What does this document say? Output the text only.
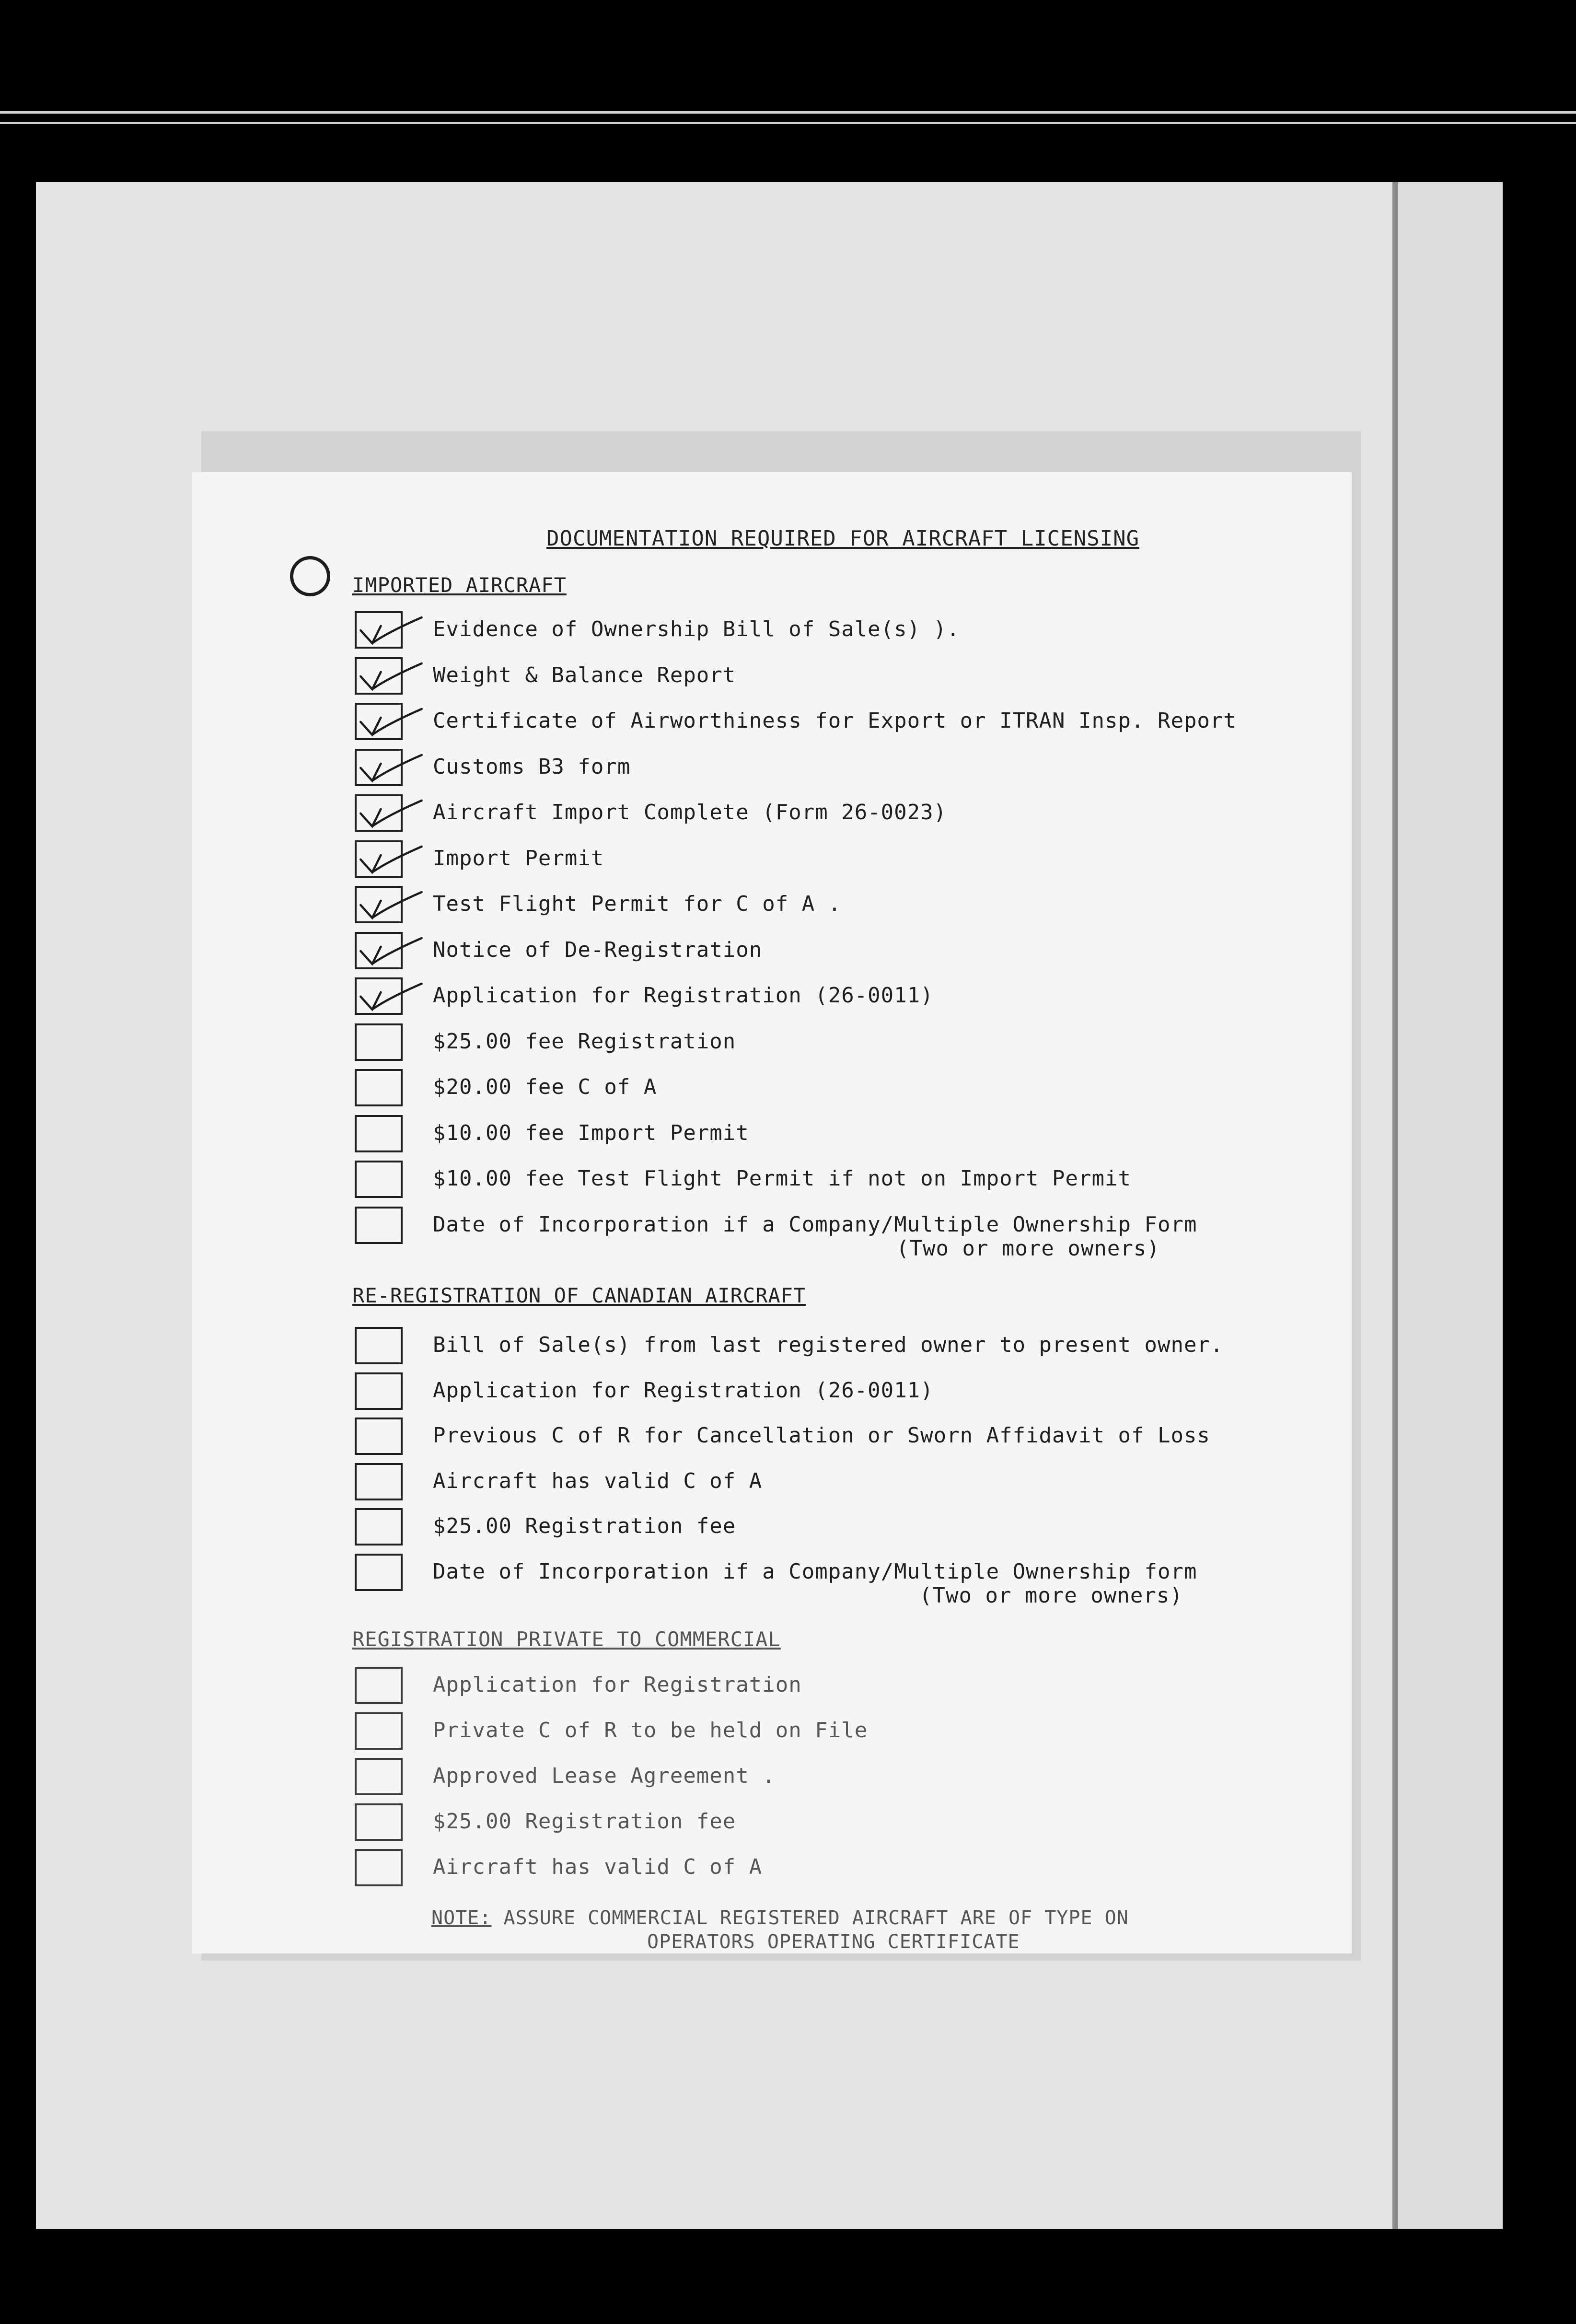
DOCUMENTATION REQUIRED FOR AIRCRAFT LICENSING
IMPORTED AIRCRAFT
Evidence of Ownership Bill of Sale(s) ).
Weight & Balance Report
Certificate of Airworthiness for Export or ITRAN Insp. Report
Customs B3 form
Aircraft Import Complete (Form 26-0023)
Import Permit
Test Flight Permit for C of A .
Notice of De-Registration
Application for Registration (26-0011)
$25.00 fee Registration
$20.00 fee C of A
$10.00 fee Import Permit
$10.00 fee Test Flight Permit if not on Import Permit
Date of Incorporation if a Company/Multiple Ownership Form
(Two or more owners)
RE-REGISTRATION OF CANADIAN AIRCRAFT
Bill of Sale(s) from last registered owner to present owner.
Application for Registration (26-0011)
Previous C of R for Cancellation or Sworn Affidavit of Loss
Aircraft has valid C of A
$25.00 Registration fee
Date of Incorporation if a Company/Multiple Ownership form
(Two or more owners)
REGISTRATION PRIVATE TO COMMERCIAL
Application for Registration
Private C of R to be held on File
Approved Lease Agreement .
$25.00 Registration fee
Aircraft has valid C of A
NOTE: ASSURE COMMERCIAL REGISTERED AIRCRAFT ARE OF TYPE ON
OPERATORS OPERATING CERTIFICATE
